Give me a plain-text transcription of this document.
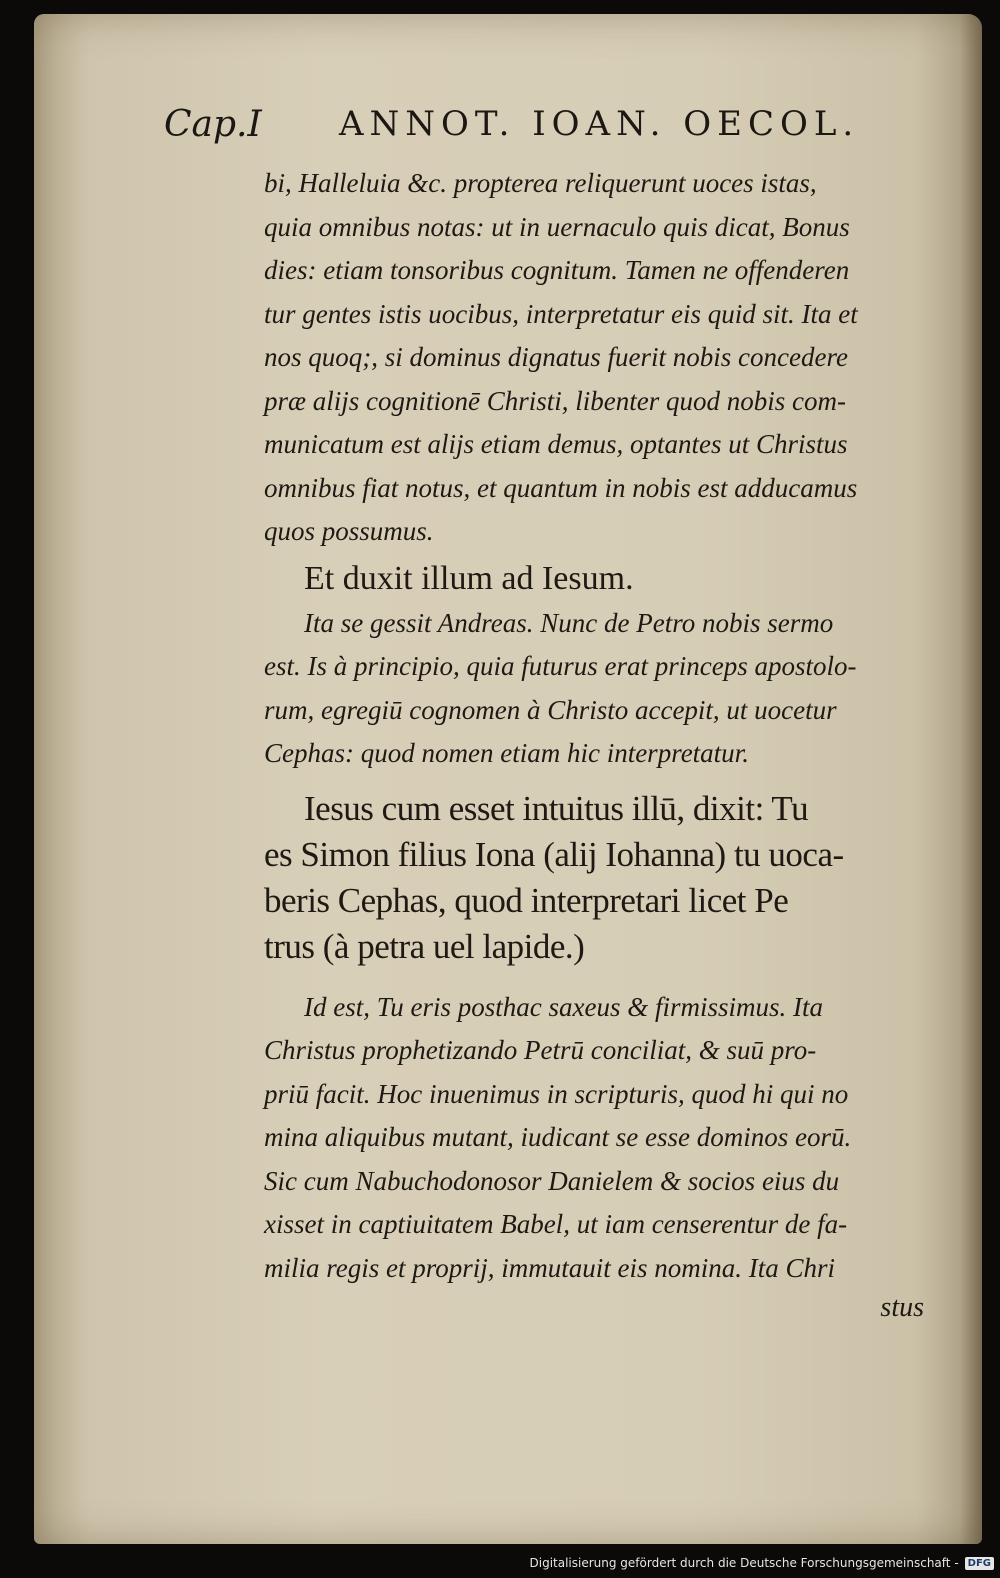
Cap.I ANNOT. IOAN. OECOL.
bi, Halleluia &c. propterea reliquerunt uoces istas,
quia omnibus notas: ut in uernaculo quis dicat, Bonus
dies: etiam tonsoribus cognitum. Tamen ne offenderen
tur gentes istis uocibus, interpretatur eis quid sit. Ita et
nos quoq;, si dominus dignatus fuerit nobis concedere
præ alijs cognitionē Christi, libenter quod nobis com-
municatum est alijs etiam demus, optantes ut Christus
omnibus fiat notus, et quantum in nobis est adducamus
quos possumus.
Et duxit illum ad Iesum.
Ita se gessit Andreas. Nunc de Petro nobis sermo
est. Is à principio, quia futurus erat princeps apostolo-
rum, egregiū cognomen à Christo accepit, ut uocetur
Cephas: quod nomen etiam hic interpretatur.
Iesus cum esset intuitus illū, dixit: Tu
es Simon filius Iona (alij Iohanna) tu uoca-
beris Cephas, quod interpretari licet Pe
trus (à petra uel lapide.)
Id est, Tu eris posthac saxeus & firmissimus. Ita
Christus prophetizando Petrū conciliat, & suū pro-
priū facit. Hoc inuenimus in scripturis, quod hi qui no
mina aliquibus mutant, iudicant se esse dominos eorū.
Sic cum Nabuchodonosor Danielem & socios eius du
xisset in captiuitatem Babel, ut iam censerentur de fa-
milia regis et proprij, immutauit eis nomina. Ita Chri
stus
Digitalisierung gefördert durch die Deutsche Forschungsgemeinschaft - DFG
